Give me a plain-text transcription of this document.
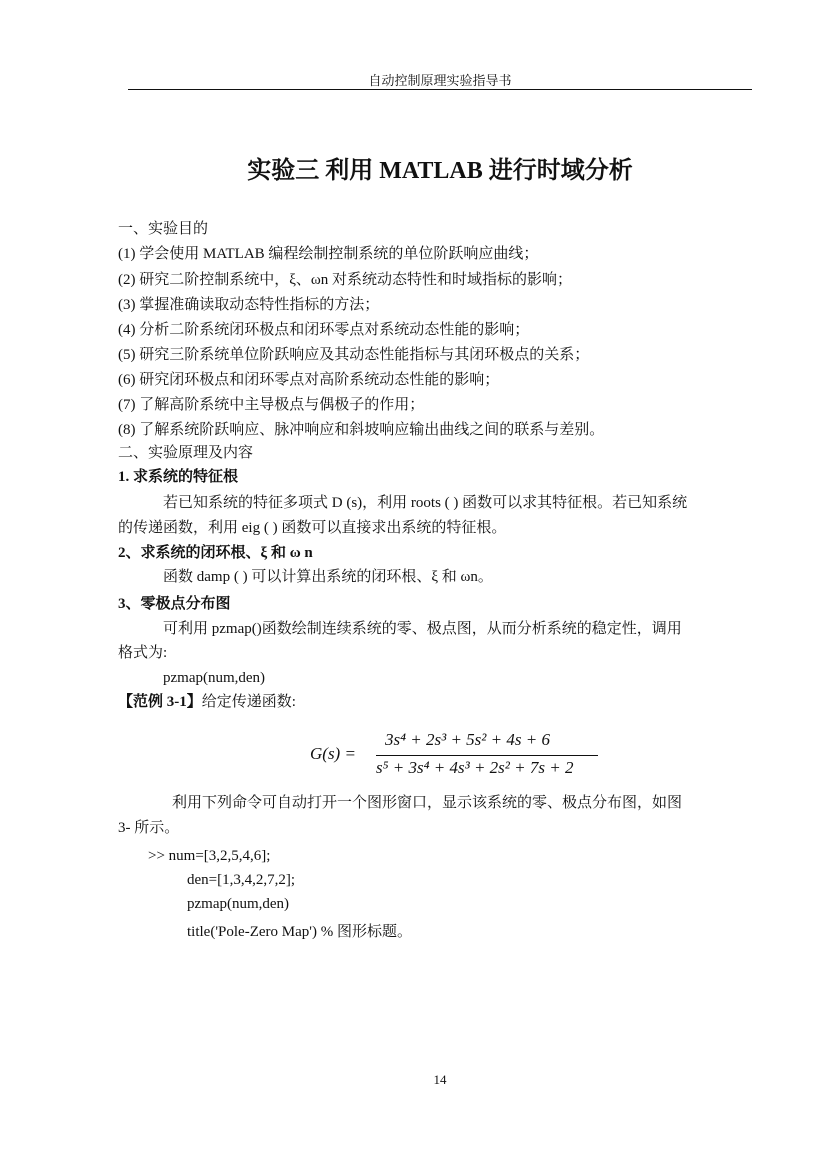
自动控制原理实验指导书
实验三 利用 MATLAB 进行时域分析
一、实验目的
(1) 学会使用 MATLAB 编程绘制控制系统的单位阶跃响应曲线；
(2) 研究二阶控制系统中，ξ、ωn 对系统动态特性和时域指标的影响；
(3) 掌握准确读取动态特性指标的方法；
(4) 分析二阶系统闭环极点和闭环零点对系统动态性能的影响；
(5) 研究三阶系统单位阶跃响应及其动态性能指标与其闭环极点的关系；
(6) 研究闭环极点和闭环零点对高阶系统动态性能的影响；
(7) 了解高阶系统中主导极点与偶极子的作用；
(8) 了解系统阶跃响应、脉冲响应和斜坡响应输出曲线之间的联系与差别。
二、实验原理及内容
1. 求系统的特征根
若已知系统的特征多项式 D (s)，利用 roots ( ) 函数可以求其特征根。若已知系统
的传递函数，利用 eig ( ) 函数可以直接求出系统的特征根。
2、求系统的闭环根、ξ 和 ω n
函数 damp ( ) 可以计算出系统的闭环根、ξ 和 ωn。
3、零极点分布图
可利用 pzmap()函数绘制连续系统的零、极点图，从而分析系统的稳定性，调用
格式为:
pzmap(num,den)
【范例 3-1】给定传递函数:
G(s) =
3s⁴ + 2s³ + 5s² + 4s + 6
s⁵ + 3s⁴ + 4s³ + 2s² + 7s + 2
利用下列命令可自动打开一个图形窗口，显示该系统的零、极点分布图，如图
3- 所示。
>> num=[3,2,5,4,6];
den=[1,3,4,2,7,2];
pzmap(num,den)
title('Pole-Zero Map') % 图形标题。
14
